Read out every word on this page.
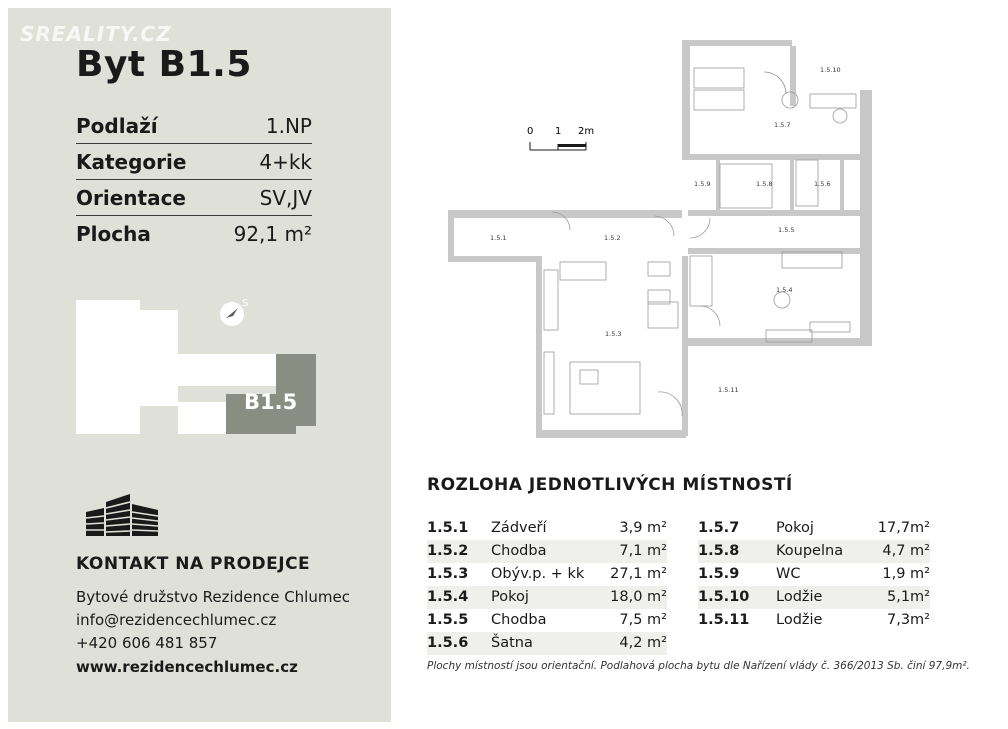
SREALITY.CZ
Byt B1.5
Podlaží	1.NP
Kategorie	4+kk
Orientace	SV,JV
Plocha	92,1 m²
B1.5
S
KONTAKT NA PRODEJCE
Bytové družstvo Rezidence Chlumec
info@rezidencechlumec.cz
+420 606 481 857
www.rezidencechlumec.cz
1.5.1	1.5.2
1.5.3
1.5.4
1.5.5
1.5.6
1.5.7
1.5.8
1.5.9
1.5.10
1.5.11
0 1 2m
ROZLOHA JEDNOTLIVÝCH MÍSTNOSTÍ
1.5.1 Zádveří	3,9 m²
1.5.2 Chodba	7,1 m²
1.5.3 Obýv.p. + kk 27,1 m²
1.5.4 Pokoj	18,0 m²
1.5.5 Chodba	7,5 m²
1.5.6 Šatna	4,2 m²
1.5.7	Pokoj	17,7m²
1.5.8	Koupelna	4,7 m²
1.5.9	WC	1,9 m²
1.5.10 Lodžie	5,1m²
1.5.11 Lodžie	7,3m²
Plochy místností jsou orientační. Podlahová plocha bytu dle Nařízení vlády č. 366/2013 Sb. činí 97,9m².
